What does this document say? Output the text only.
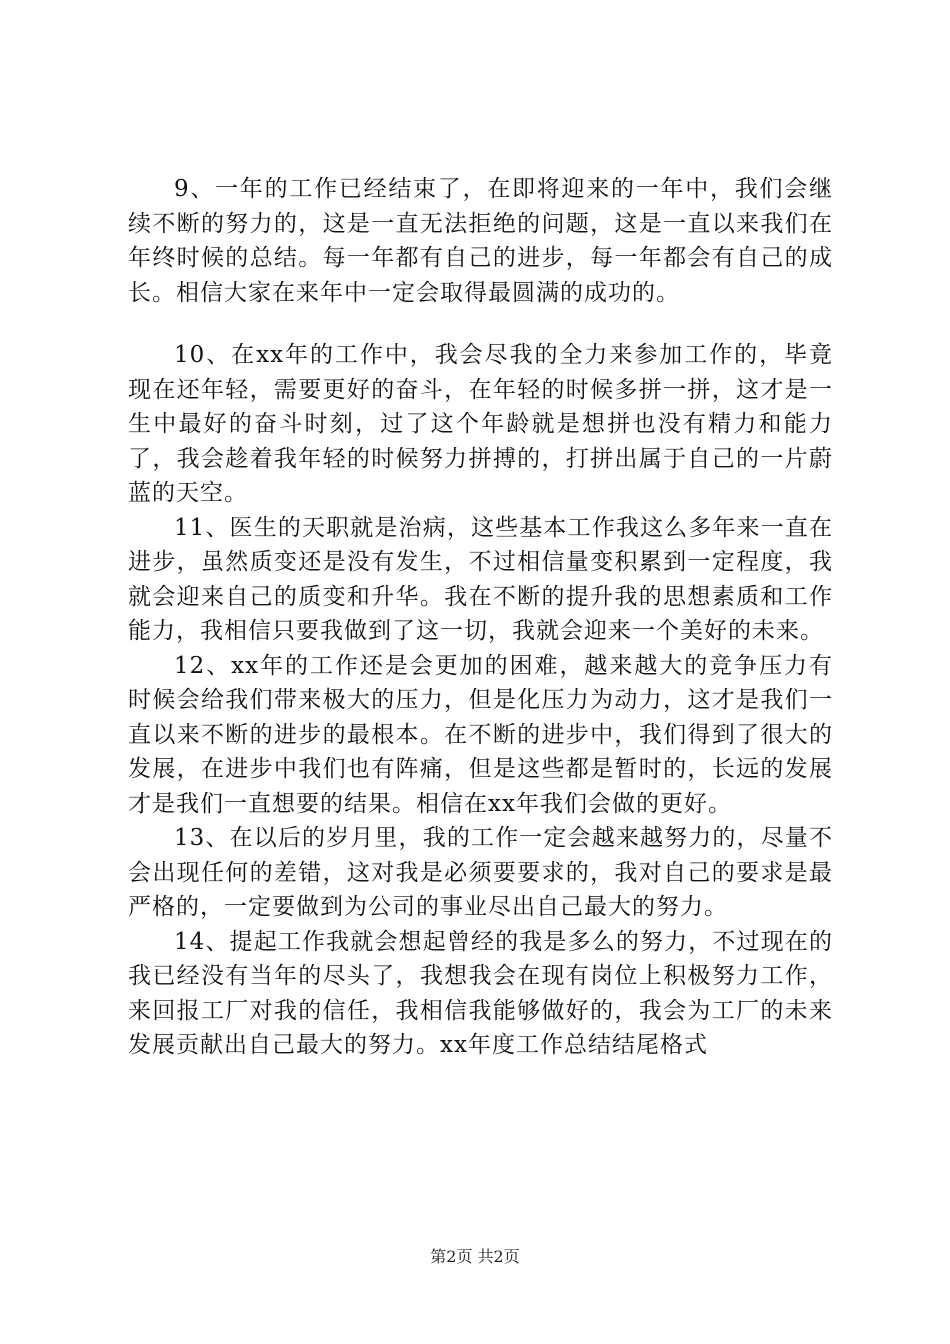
9、一年的工作已经结束了，在即将迎来的一年中，我们会继续不断的努力的，这是一直无法拒绝的问题，这是一直以来我们在年终时候的总结。每一年都有自己的进步，每一年都会有自己的成长。相信大家在来年中一定会取得最圆满的成功的。

10、在xx年的工作中，我会尽我的全力来参加工作的，毕竟现在还年轻，需要更好的奋斗，在年轻的时候多拼一拼，这才是一生中最好的奋斗时刻，过了这个年龄就是想拼也没有精力和能力了，我会趁着我年轻的时候努力拼搏的，打拼出属于自己的一片蔚蓝的天空。

11、医生的天职就是治病，这些基本工作我这么多年来一直在进步，虽然质变还是没有发生，不过相信量变积累到一定程度，我就会迎来自己的质变和升华。我在不断的提升我的思想素质和工作能力，我相信只要我做到了这一切，我就会迎来一个美好的未来。

12、xx年的工作还是会更加的困难，越来越大的竞争压力有时候会给我们带来极大的压力，但是化压力为动力，这才是我们一直以来不断的进步的最根本。在不断的进步中，我们得到了很大的发展，在进步中我们也有阵痛，但是这些都是暂时的，长远的发展才是我们一直想要的结果。相信在xx年我们会做的更好。

13、在以后的岁月里，我的工作一定会越来越努力的，尽量不会出现任何的差错，这对我是必须要要求的，我对自己的要求是最严格的，一定要做到为公司的事业尽出自己最大的努力。

14、提起工作我就会想起曾经的我是多么的努力，不过现在的我已经没有当年的尽头了，我想我会在现有岗位上积极努力工作，来回报工厂对我的信任，我相信我能够做好的，我会为工厂的未来发展贡献出自己最大的努力。xx年度工作总结结尾格式

第2页 共2页
